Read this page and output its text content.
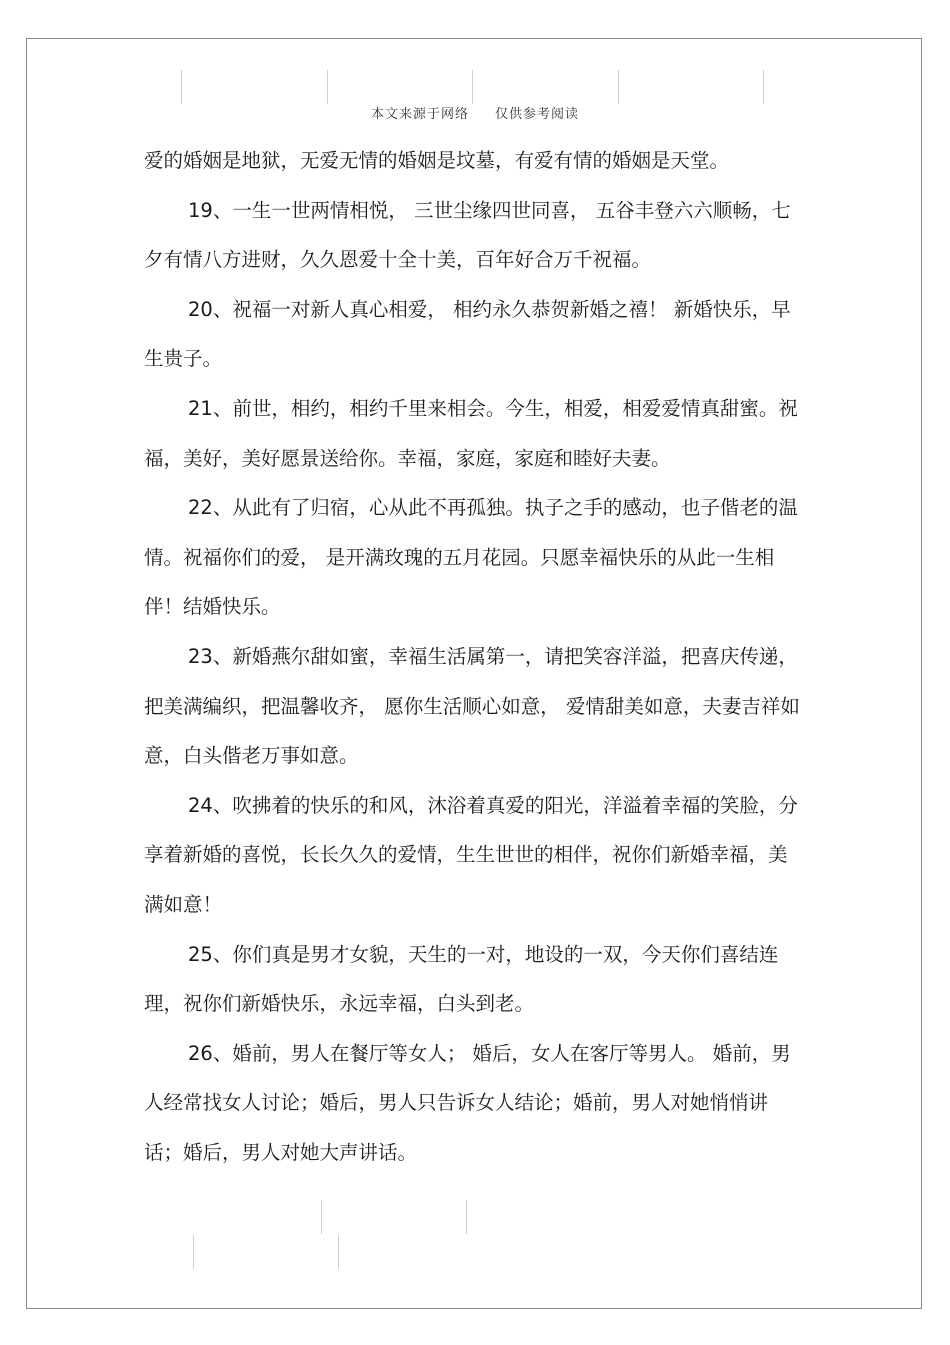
本文来源于网络 仅供参考阅读

爱的婚姻是地狱，无爱无情的婚姻是坟墓，有爱有情的婚姻是天堂。

19、一生一世两情相悦， 三世尘缘四世同喜， 五谷丰登六六顺畅，七夕有情八方进财，久久恩爱十全十美，百年好合万千祝福。

20、祝福一对新人真心相爱， 相约永久恭贺新婚之禧！ 新婚快乐，早生贵子。

21、前世，相约，相约千里来相会。今生，相爱，相爱爱情真甜蜜。祝福，美好，美好愿景送给你。幸福，家庭，家庭和睦好夫妻。

22、从此有了归宿，心从此不再孤独。执子之手的感动，也子偕老的温情。祝福你们的爱， 是开满玫瑰的五月花园。只愿幸福快乐的从此一生相伴！结婚快乐。

23、新婚燕尔甜如蜜，幸福生活属第一，请把笑容洋溢，把喜庆传递，把美满编织，把温馨收齐， 愿你生活顺心如意， 爱情甜美如意，夫妻吉祥如意，白头偕老万事如意。

24、吹拂着的快乐的和风，沐浴着真爱的阳光，洋溢着幸福的笑脸，分享着新婚的喜悦，长长久久的爱情，生生世世的相伴，祝你们新婚幸福，美满如意！

25、你们真是男才女貌，天生的一对，地设的一双，今天你们喜结连理，祝你们新婚快乐，永远幸福，白头到老。

26、婚前，男人在餐厅等女人； 婚后，女人在客厅等男人。 婚前，男人经常找女人讨论；婚后，男人只告诉女人结论；婚前，男人对她悄悄讲话；婚后，男人对她大声讲话。
